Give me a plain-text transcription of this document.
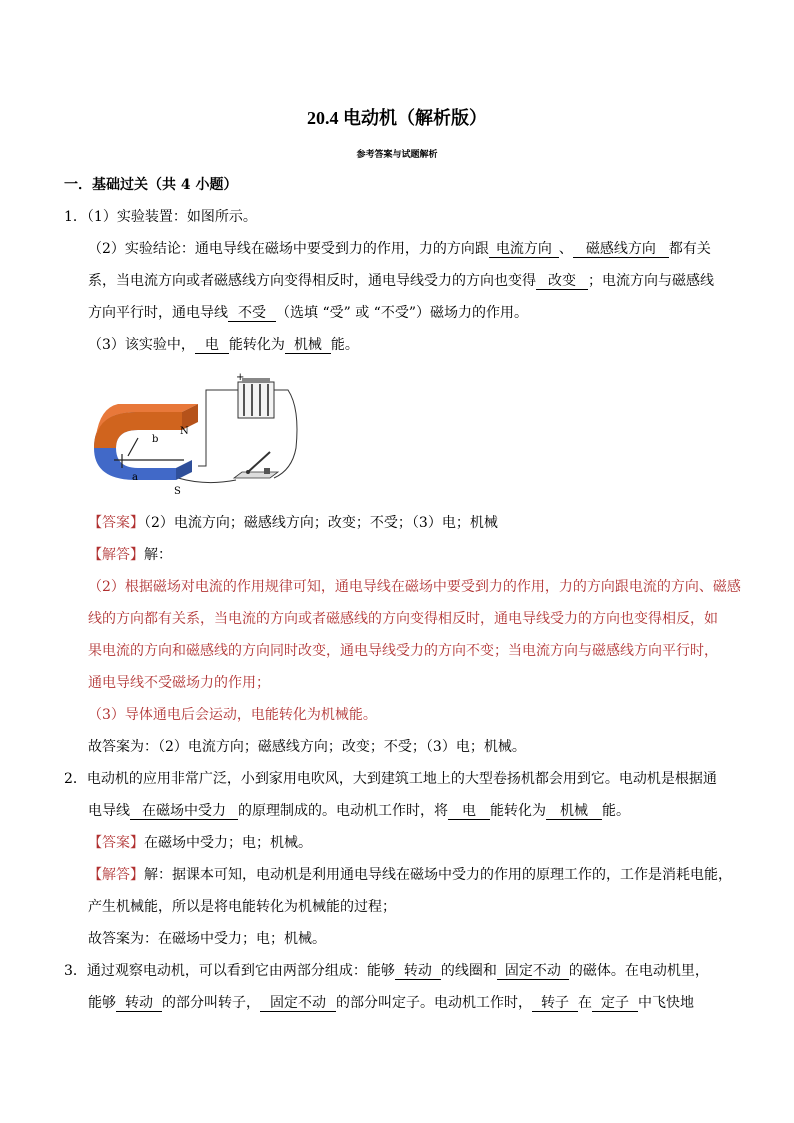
20.4 电动机（解析版）
参考答案与试题解析
一．基础过关（共 4 小题）
1．（1）实验装置：如图所示。
（2）实验结论：通电导线在磁场中要受到力的作用，力的方向跟 电流方向 、 磁感线方向 都有关
系，当电流方向或者磁感线方向变得相反时，通电导线受力的方向也变得 改变 ；电流方向与磁感线
方向平行时，通电导线 不受 （选填 “受” 或 “不受”）磁场力的作用。
（3）该实验中， 电 能转化为 机械 能。
+
N
S
a
b
【答案】（2）电流方向；磁感线方向；改变；不受；（3）电；机械
【解答】解：
（2）根据磁场对电流的作用规律可知，通电导线在磁场中要受到力的作用，力的方向跟电流的方向、磁感
线的方向都有关系，当电流的方向或者磁感线的方向变得相反时，通电导线受力的方向也变得相反，如
果电流的方向和磁感线的方向同时改变，通电导线受力的方向不变；当电流方向与磁感线方向平行时，
通电导线不受磁场力的作用；
（3）导体通电后会运动，电能转化为机械能。
故答案为：（2）电流方向；磁感线方向；改变；不受；（3）电；机械。
2．电动机的应用非常广泛，小到家用电吹风，大到建筑工地上的大型卷扬机都会用到它。电动机是根据通
电导线 在磁场中受力 的原理制成的。电动机工作时，将 电 能转化为 机械 能。
【答案】在磁场中受力；电；机械。
【解答】解：据课本可知，电动机是利用通电导线在磁场中受力的作用的原理工作的，工作是消耗电能，
产生机械能，所以是将电能转化为机械能的过程；
故答案为：在磁场中受力；电；机械。
3．通过观察电动机，可以看到它由两部分组成：能够 转动 的线圈和 固定不动 的磁体。在电动机里，
能够 转动 的部分叫转子， 固定不动 的部分叫定子。电动机工作时， 转子 在 定子 中飞快地
